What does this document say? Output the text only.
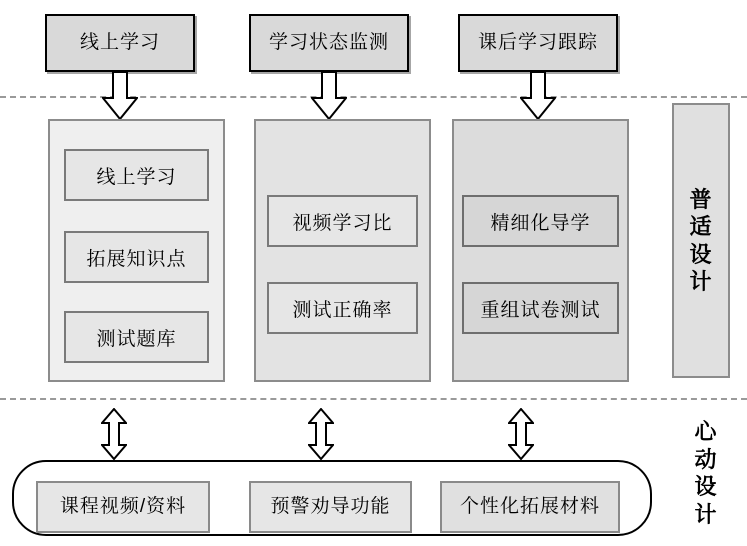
线上学习	学习状态监测	课后学习跟踪
线上学习
拓展知识点
测试题库
视频学习比
测试正确率
精细化导学
重组试卷测试
普
适
设
计
心
动
设
计
课程视频/资料	预警劝导功能	个性化拓展材料
